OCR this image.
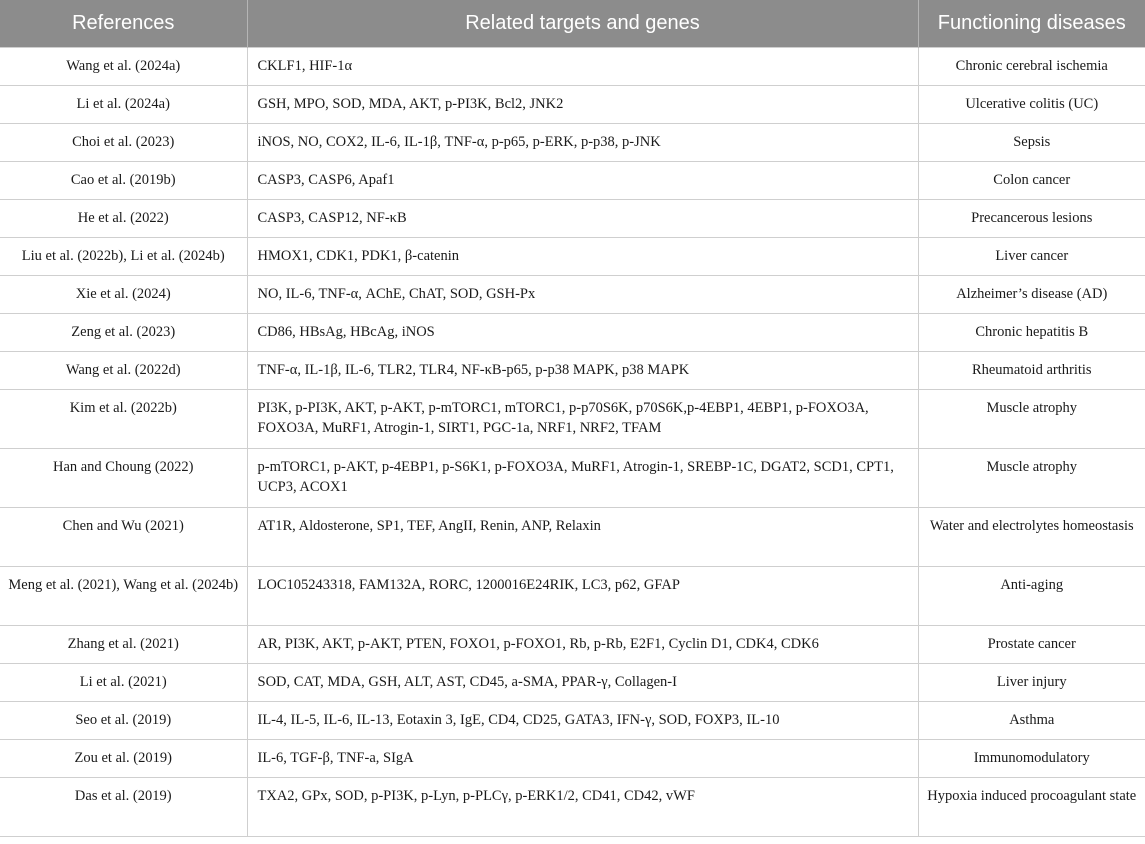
References	Related targets and genes	Functioning diseases
Wang et al. (2024a)	CKLF1, HIF-1α	Chronic cerebral ischemia
Li et al. (2024a)	GSH, MPO, SOD, MDA, AKT, p-PI3K, Bcl2, JNK2	Ulcerative colitis (UC)
Choi et al. (2023)	iNOS, NO, COX2, IL-6, IL-1β, TNF-α, p-p65, p-ERK, p-p38, p-JNK	Sepsis
Cao et al. (2019b)	CASP3, CASP6, Apaf1	Colon cancer
He et al. (2022)	CASP3, CASP12, NF-κB	Precancerous lesions
Liu et al. (2022b), Li et al. (2024b)	HMOX1, CDK1, PDK1, β-catenin	Liver cancer
Xie et al. (2024)	NO, IL-6, TNF-α, AChE, ChAT, SOD, GSH-Px	Alzheimer’s disease (AD)
Zeng et al. (2023)	CD86, HBsAg, HBcAg, iNOS	Chronic hepatitis B
Wang et al. (2022d)	TNF-α, IL-1β, IL-6, TLR2, TLR4, NF-κB-p65, p-p38 MAPK, p38 MAPK	Rheumatoid arthritis
Kim et al. (2022b)	PI3K, p-PI3K, AKT, p-AKT, p-mTORC1, mTORC1, p-p70S6K, p70S6K,p-4EBP1, 4EBP1, p-FOXO3A, FOXO3A, MuRF1, Atrogin-1, SIRT1, PGC-1a, NRF1, NRF2, TFAM	Muscle atrophy
Han and Choung (2022)	p-mTORC1, p-AKT, p-4EBP1, p-S6K1, p-FOXO3A, MuRF1, Atrogin-1, SREBP-1C, DGAT2, SCD1, CPT1, UCP3, ACOX1	Muscle atrophy
Chen and Wu (2021)	AT1R, Aldosterone, SP1, TEF, AngII, Renin, ANP, Relaxin	Water and electrolytes homeostasis
Meng et al. (2021), Wang et al. (2024b)	LOC105243318, FAM132A, RORC, 1200016E24RIK, LC3, p62, GFAP	Anti-aging
Zhang et al. (2021)	AR, PI3K, AKT, p-AKT, PTEN, FOXO1, p-FOXO1, Rb, p-Rb, E2F1, Cyclin D1, CDK4, CDK6	Prostate cancer
Li et al. (2021)	SOD, CAT, MDA, GSH, ALT, AST, CD45, a-SMA, PPAR-γ, Collagen-I	Liver injury
Seo et al. (2019)	IL-4, IL-5, IL-6, IL-13, Eotaxin 3, IgE, CD4, CD25, GATA3, IFN-γ, SOD, FOXP3, IL-10	Asthma
Zou et al. (2019)	IL-6, TGF-β, TNF-a, SIgA	Immunomodulatory
Das et al. (2019)	TXA2, GPx, SOD, p-PI3K, p-Lyn, p-PLCγ, p-ERK1/2, CD41, CD42, vWF	Hypoxia induced procoagulant state
